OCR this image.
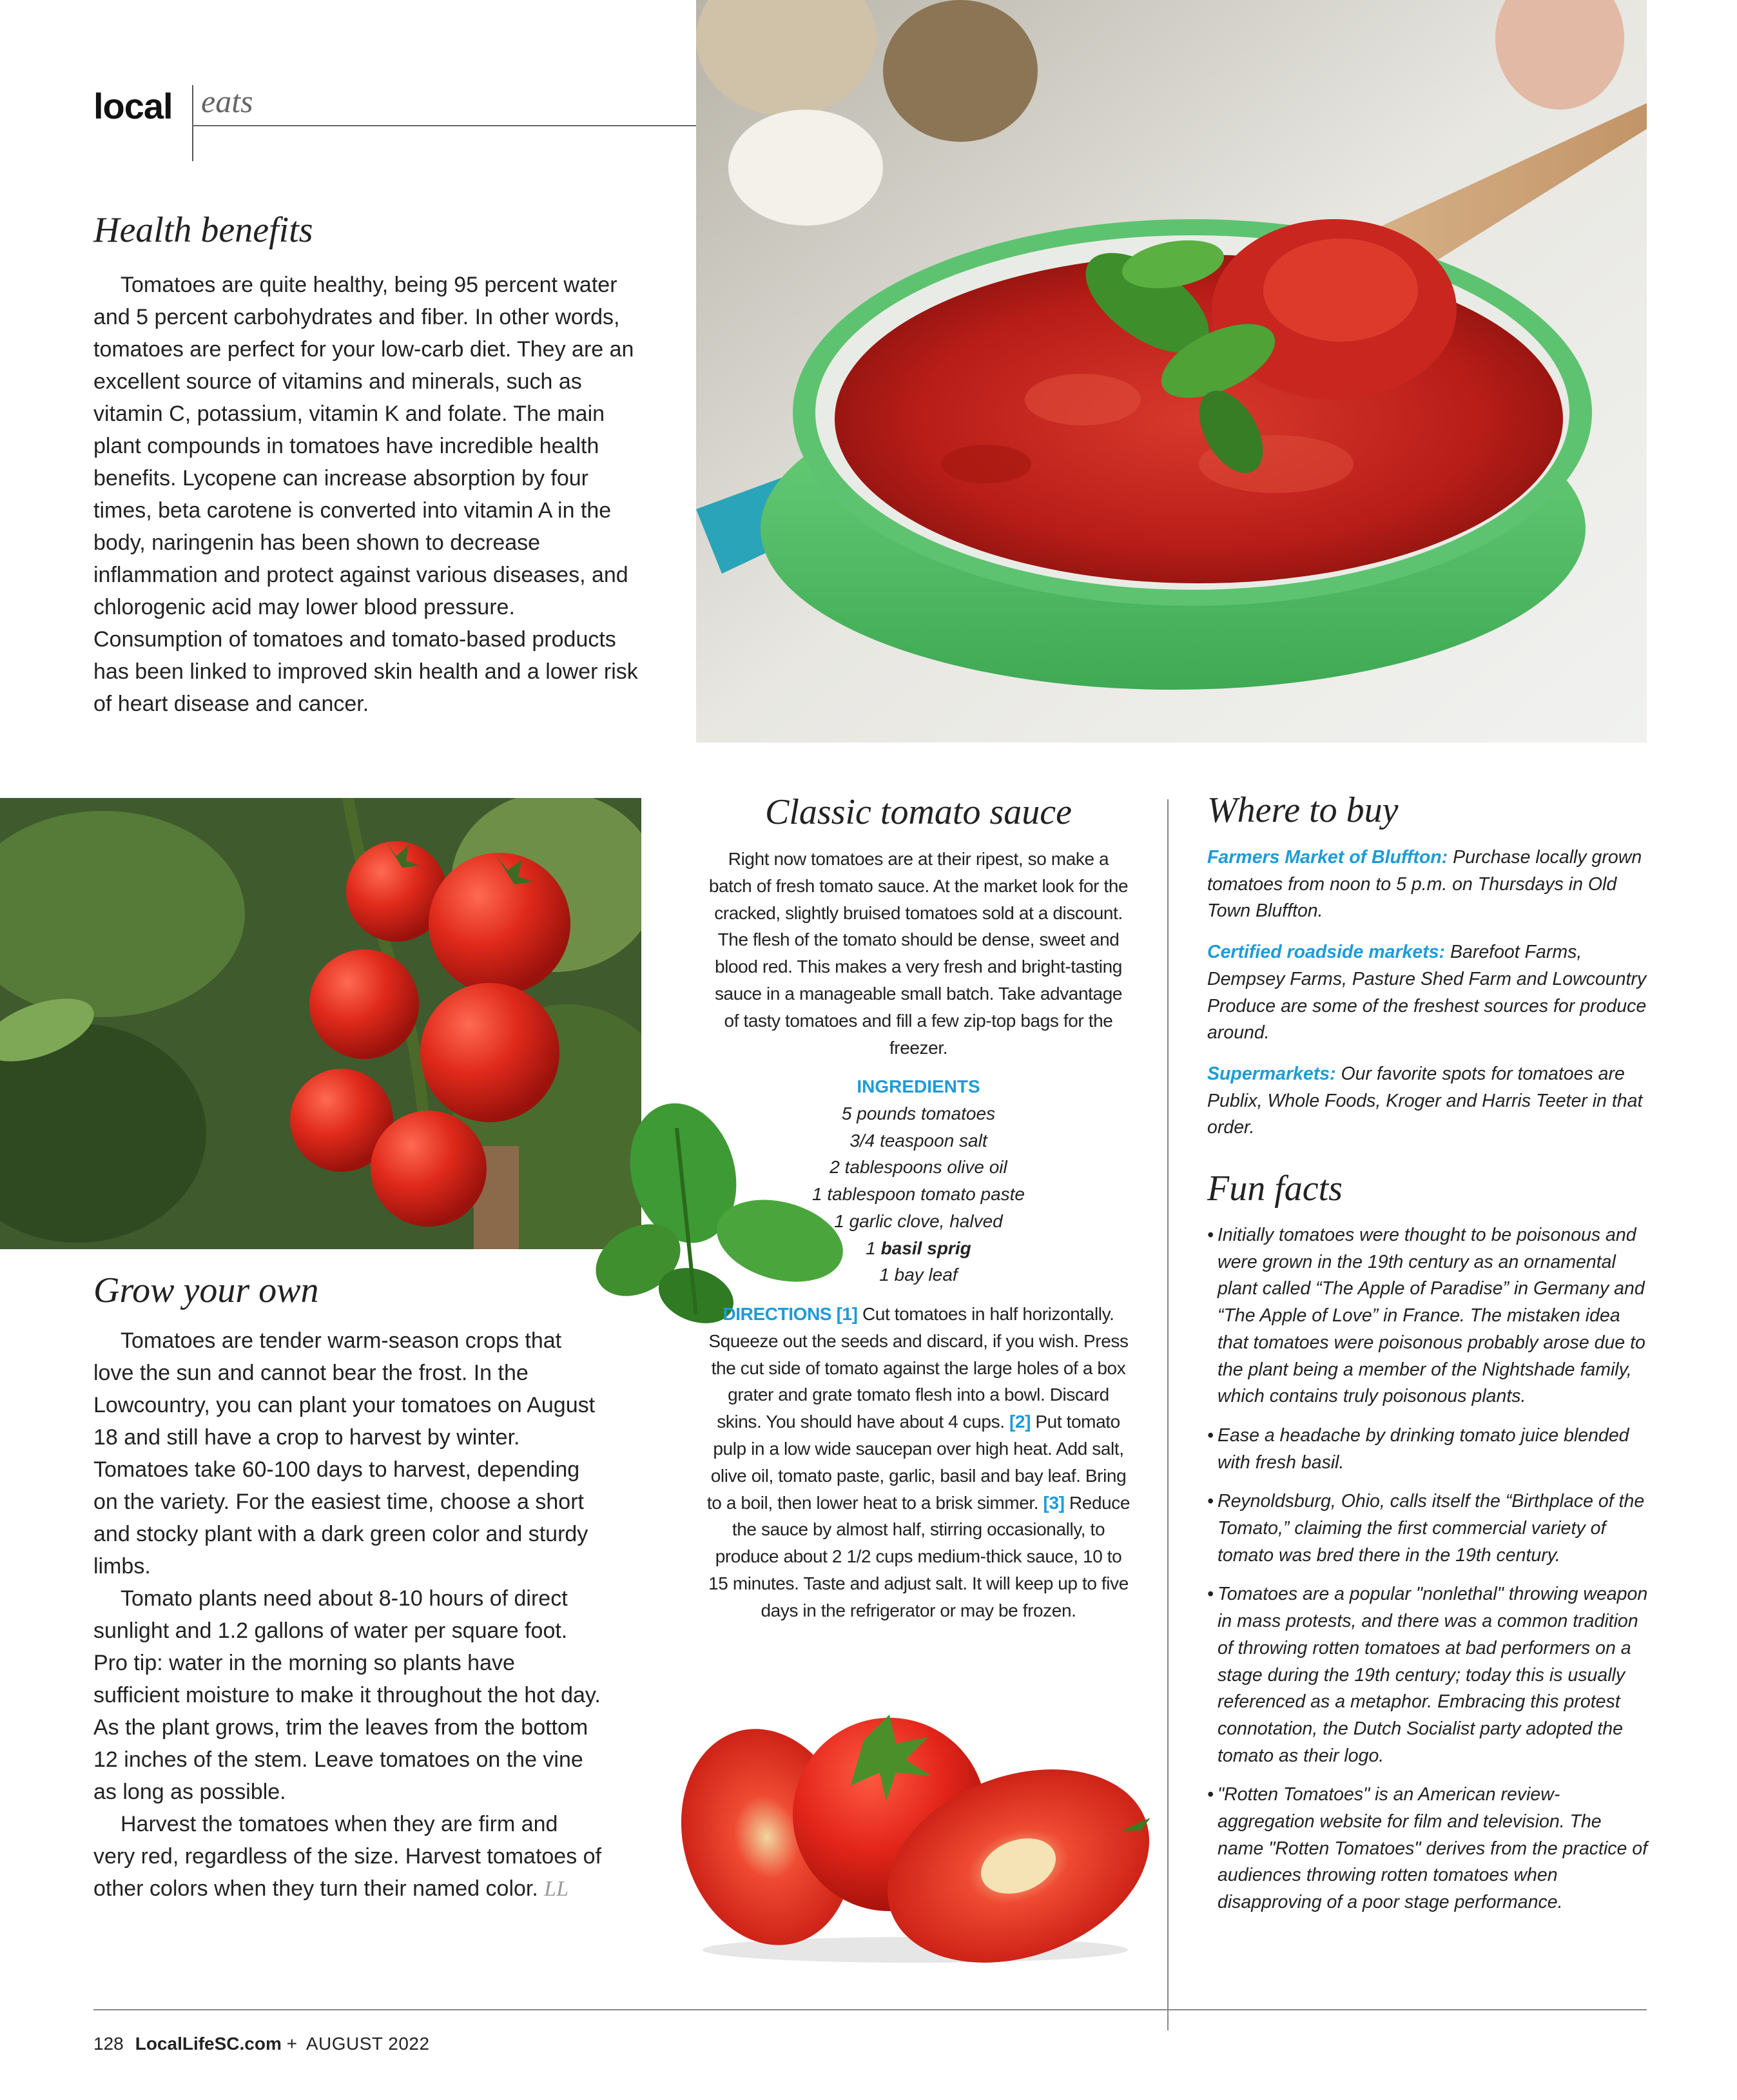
local eats
Health benefits

Tomatoes are quite healthy, being 95 percent water and 5 percent carbohydrates and fiber. In other words, tomatoes are perfect for your low-carb diet. They are an excellent source of vitamins and minerals, such as vitamin C, potassium, vitamin K and folate. The main plant compounds in tomatoes have incredible health benefits. Lycopene can increase absorption by four times, beta carotene is converted into vitamin A in the body, naringenin has been shown to decrease inflammation and protect against various diseases, and chlorogenic acid may lower blood pressure. Consumption of tomatoes and tomato-based products has been linked to improved skin health and a lower risk of heart disease and cancer.

Grow your own

Tomatoes are tender warm-season crops that love the sun and cannot bear the frost. In the Lowcountry, you can plant your tomatoes on August 18 and still have a crop to harvest by winter. Tomatoes take 60-100 days to harvest, depending on the variety. For the easiest time, choose a short and stocky plant with a dark green color and sturdy limbs.

Tomato plants need about 8-10 hours of direct sunlight and 1.2 gallons of water per square foot. Pro tip: water in the morning so plants have sufficient moisture to make it throughout the hot day. As the plant grows, trim the leaves from the bottom 12 inches of the stem. Leave tomatoes on the vine as long as possible.

Harvest the tomatoes when they are firm and very red, regardless of the size. Harvest tomatoes of other colors when they turn their named color. LL

Classic tomato sauce
Right now tomatoes are at their ripest, so make a batch of fresh tomato sauce. At the market look for the cracked, slightly bruised tomatoes sold at a discount. The flesh of the tomato should be dense, sweet and blood red. This makes a very fresh and bright-tasting sauce in a manageable small batch. Take advantage of tasty tomatoes and fill a few zip-top bags for the freezer.
INGREDIENTS
5 pounds tomatoes
3/4 teaspoon salt
2 tablespoons olive oil
1 tablespoon tomato paste
1 garlic clove, halved
1 basil sprig
1 bay leaf
DIRECTIONS [1] Cut tomatoes in half horizontally. Squeeze out the seeds and discard, if you wish. Press the cut side of tomato against the large holes of a box grater and grate tomato flesh into a bowl. Discard skins. You should have about 4 cups. [2] Put tomato pulp in a low wide saucepan over high heat. Add salt, olive oil, tomato paste, garlic, basil and bay leaf. Bring to a boil, then lower heat to a brisk simmer. [3] Reduce the sauce by almost half, stirring occasionally, to produce about 2 1/2 cups medium-thick sauce, 10 to 15 minutes. Taste and adjust salt. It will keep up to five days in the refrigerator or may be frozen.
Where to buy

Farmers Market of Bluffton: Purchase locally grown tomatoes from noon to 5 p.m. on Thursdays in Old Town Bluffton.

Certified roadside markets: Barefoot Farms, Dempsey Farms, Pasture Shed Farm and Lowcountry Produce are some of the freshest sources for produce around.

Supermarkets: Our favorite spots for tomatoes are Publix, Whole Foods, Kroger and Harris Teeter in that order.

Fun facts
• Initially tomatoes were thought to be poisonous and were grown in the 19th century as an ornamental plant called “The Apple of Paradise” in Germany and “The Apple of Love” in France. The mistaken idea that tomatoes were poisonous probably arose due to the plant being a member of the Nightshade family, which contains truly poisonous plants.
• Ease a headache by drinking tomato juice blended with fresh basil.
• Reynoldsburg, Ohio, calls itself the “Birthplace of the Tomato,” claiming the first commercial variety of tomato was bred there in the 19th century.
• Tomatoes are a popular "nonlethal" throwing weapon in mass protests, and there was a common tradition of throwing rotten tomatoes at bad performers on a stage during the 19th century; today this is usually referenced as a metaphor. Embracing this protest connotation, the Dutch Socialist party adopted the tomato as their logo.
• "Rotten Tomatoes" is an American review-aggregation website for film and television. The name "Rotten Tomatoes" derives from the practice of audiences throwing rotten tomatoes when disapproving of a poor stage performance.
128 LocalLifeSC.com + AUGUST 2022
